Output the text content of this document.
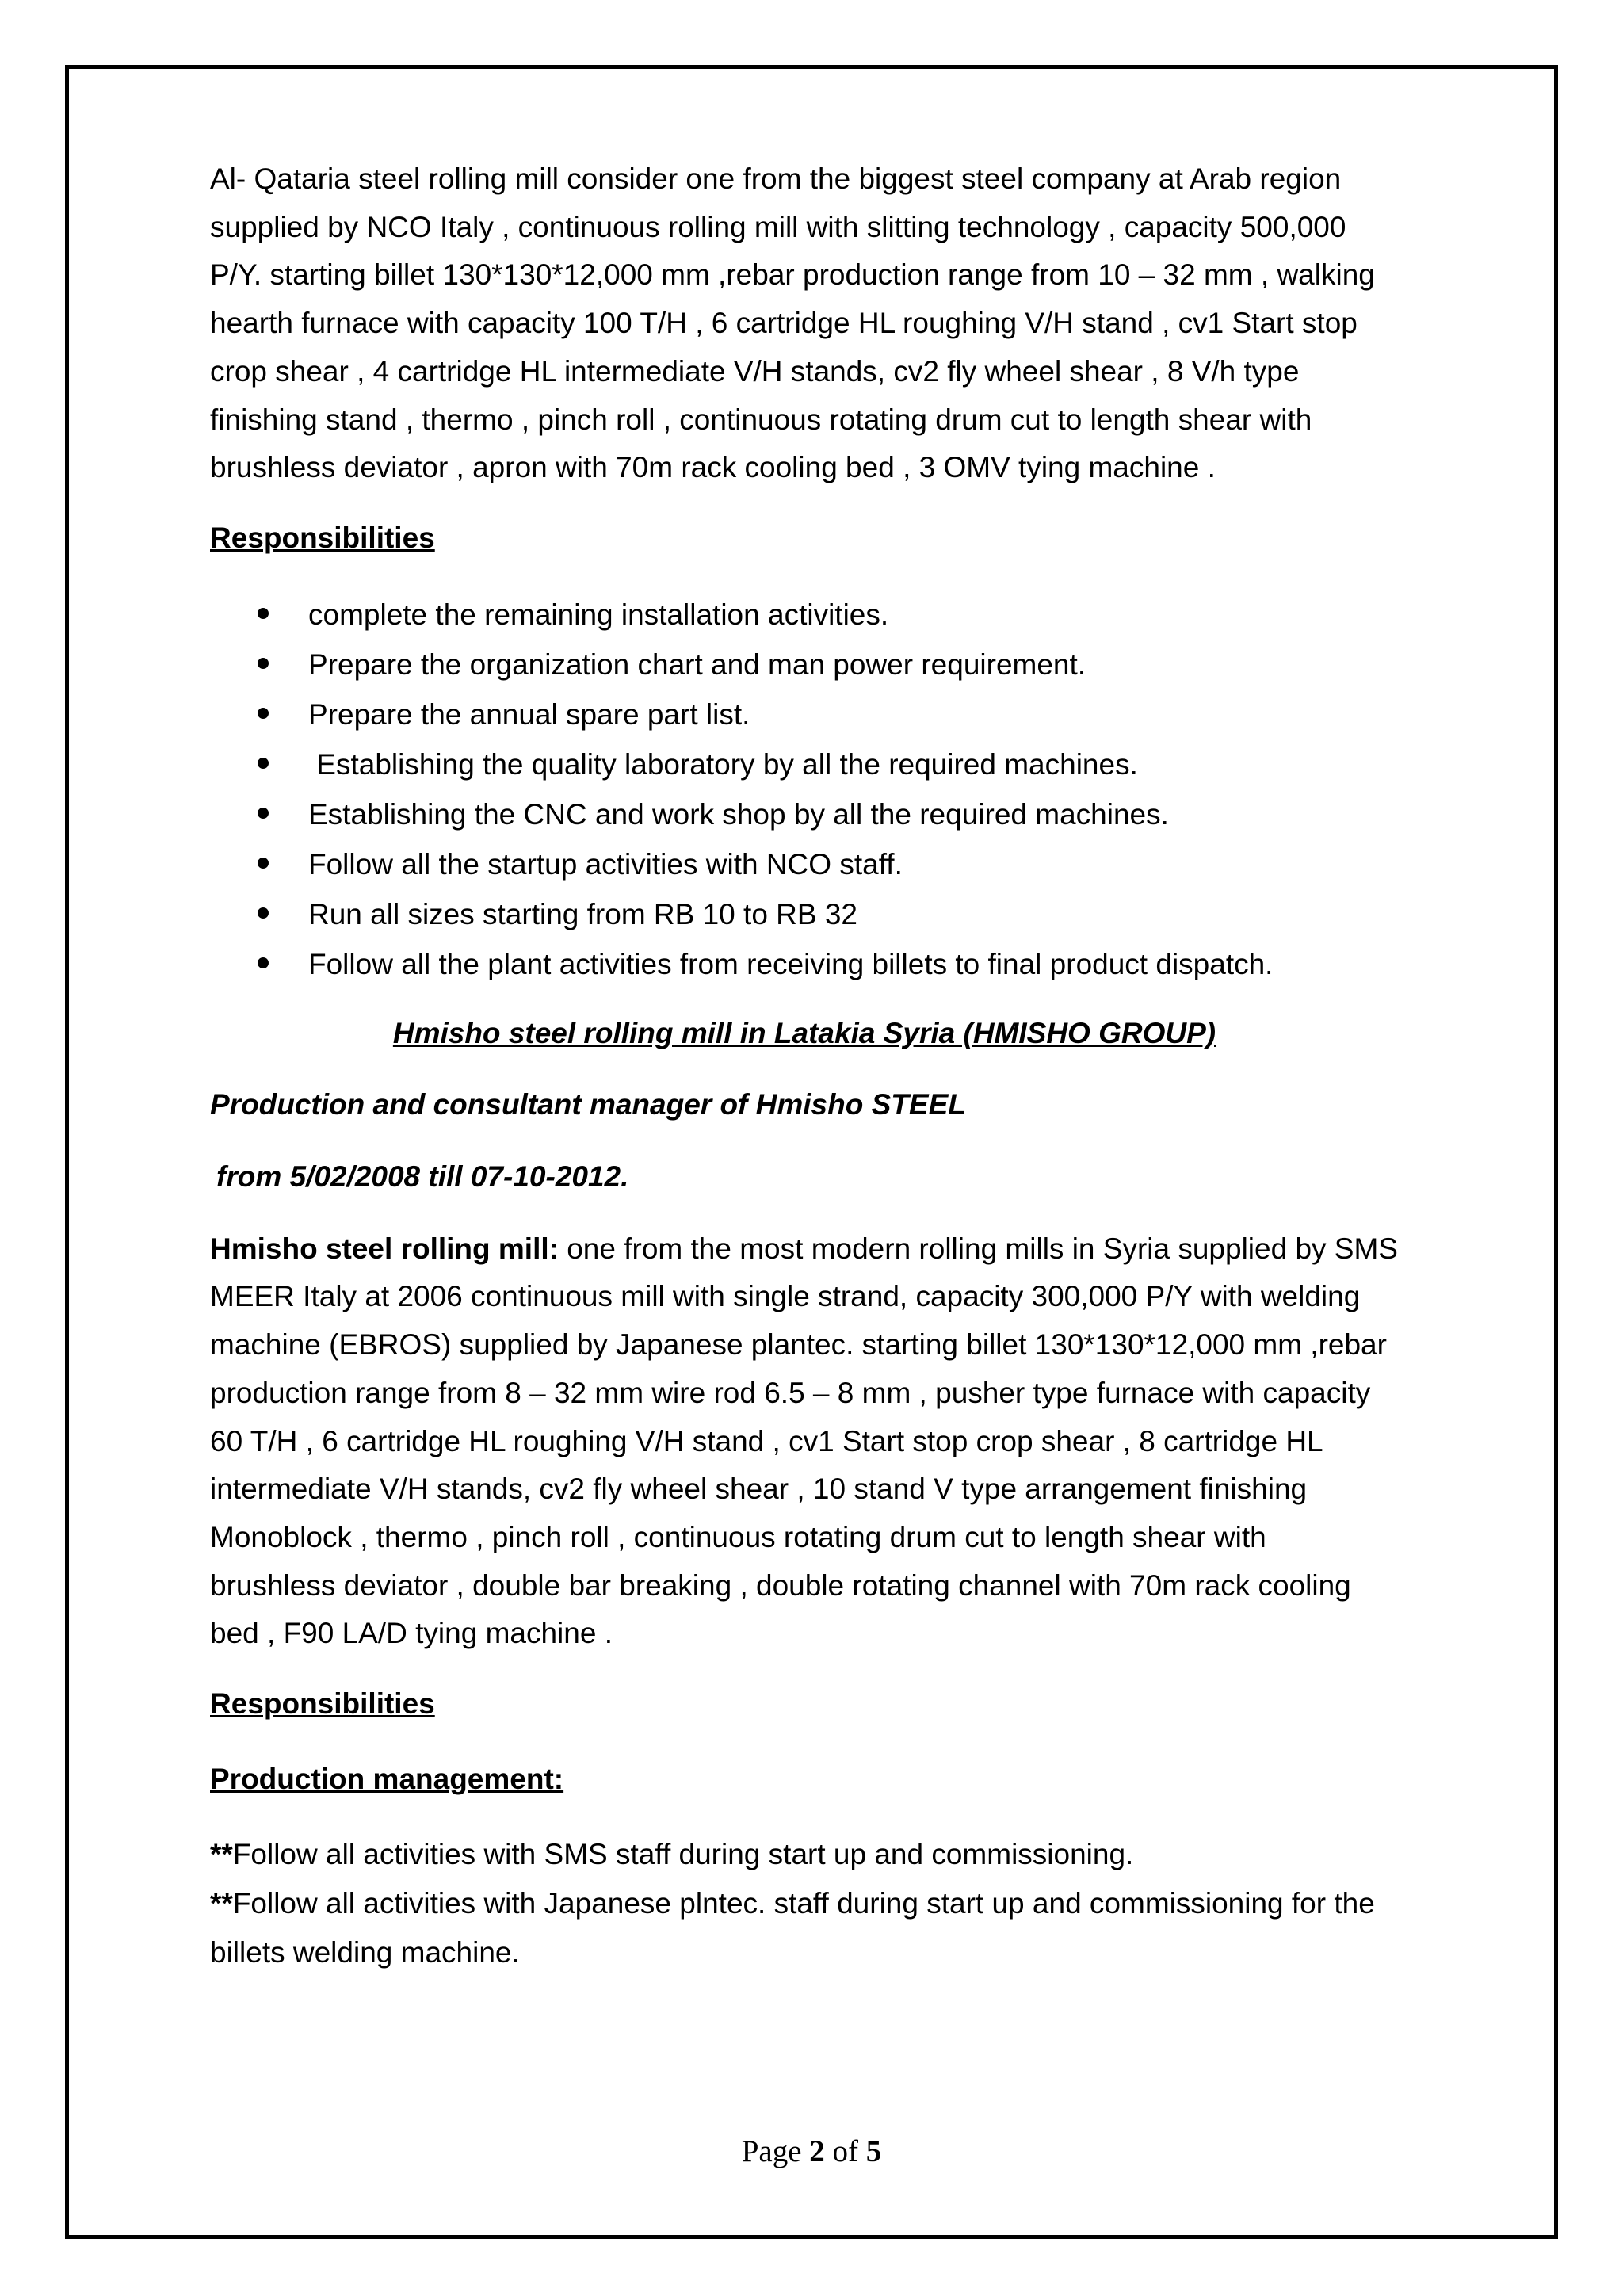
Al- Qataria steel rolling mill consider one from the biggest steel company at Arab region supplied by NCO Italy , continuous rolling mill with slitting technology , capacity 500,000 P/Y. starting billet 130*130*12,000 mm ,rebar production range from 10 – 32 mm , walking hearth furnace with capacity 100 T/H , 6 cartridge HL roughing V/H stand , cv1 Start stop crop shear , 4 cartridge HL intermediate V/H stands, cv2 fly wheel shear , 8 V/h type finishing stand , thermo , pinch roll , continuous rotating drum cut to length shear with brushless deviator , apron with 70m rack cooling bed , 3 OMV tying machine .

Responsibilities

complete the remaining installation activities.
Prepare the organization chart and man power requirement.
Prepare the annual spare part list.
Establishing the quality laboratory by all the required machines.
Establishing the CNC and work shop by all the required machines.
Follow all the startup activities with NCO staff.
Run all sizes starting from RB 10 to RB 32
Follow all the plant activities from receiving billets to final product dispatch.

Hmisho steel rolling mill in Latakia Syria (HMISHO GROUP)

Production and consultant manager of Hmisho STEEL

from 5/02/2008 till 07-10-2012.

Hmisho steel rolling mill: one from the most modern rolling mills in Syria supplied by SMS MEER Italy at 2006 continuous mill with single strand, capacity 300,000 P/Y with welding machine (EBROS) supplied by Japanese plantec. starting billet 130*130*12,000 mm ,rebar production range from 8 – 32 mm wire rod 6.5 – 8 mm , pusher type furnace with capacity 60 T/H , 6 cartridge HL roughing V/H stand , cv1 Start stop crop shear , 8 cartridge HL intermediate V/H stands, cv2 fly wheel shear , 10 stand V type arrangement finishing Monoblock , thermo , pinch roll , continuous rotating drum cut to length shear with brushless deviator , double bar breaking , double rotating channel with 70m rack cooling bed , F90 LA/D tying machine .

Responsibilities

Production management:

**Follow all activities with SMS staff during start up and commissioning.

**Follow all activities with Japanese plntec. staff during start up and commissioning for the billets welding machine.

Page 2 of 5
